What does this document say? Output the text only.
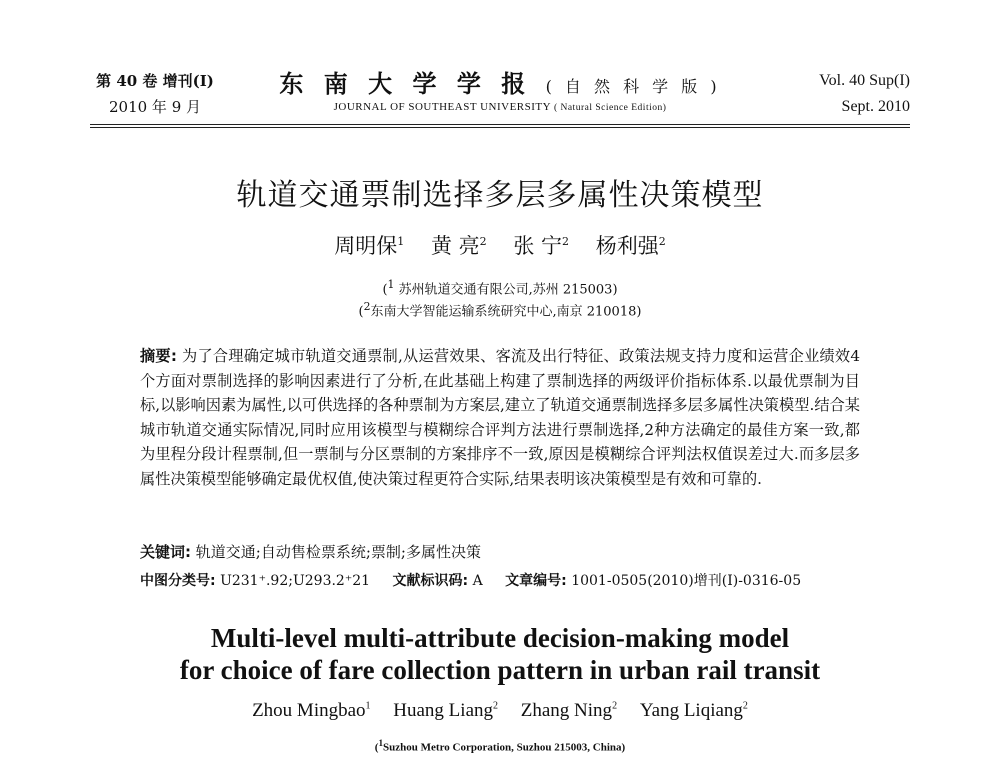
第 40 卷 增刊(I)
2010 年 9 月
东 南 大 学 学 报 ( 自 然 科 学 版 )
JOURNAL OF SOUTHEAST UNIVERSITY ( Natural Science Edition)
Vol. 40 Sup(I)
Sept. 2010
轨道交通票制选择多层多属性决策模型
周明保$^1$ 黄 亮$^2$ 张 宁$^2$ 杨利强$^2$
($^1$ 苏州轨道交通有限公司,苏州 215003)
($^2$东南大学智能运输系统研究中心,南京 210018)
摘要: 为了合理确定城市轨道交通票制,从运营效果、客流及出行特征、政策法规支持力度和运营企业绩效4个方面对票制选择的影响因素进行了分析,在此基础上构建了票制选择的两级评价指标体系.以最优票制为目标,以影响因素为属性,以可供选择的各种票制为方案层,建立了轨道交通票制选择多层多属性决策模型.结合某城市轨道交通实际情况,同时应用该模型与模糊综合评判方法进行票制选择,2种方法确定的最佳方案一致,都为里程分段计程票制,但一票制与分区票制的方案排序不一致,原因是模糊综合评判法权值误差过大.而多层多属性决策模型能够确定最优权值,使决策过程更符合实际,结果表明该决策模型是有效和可靠的.
关键词: 轨道交通;自动售检票系统;票制;多属性决策
中图分类号: U231⁺.92;U293.2⁺21 文献标识码: A 文章编号: 1001-0505(2010)增刊(I)-0316-05
Multi-level multi-attribute decision-making model
for choice of fare collection pattern in urban rail transit
Zhou Mingbao$^1$ Huang Liang$^2$ Zhang Ning$^2$ Yang Liqiang$^2$
($^1$Suzhou Metro Corporation, Suzhou 215003, China)
